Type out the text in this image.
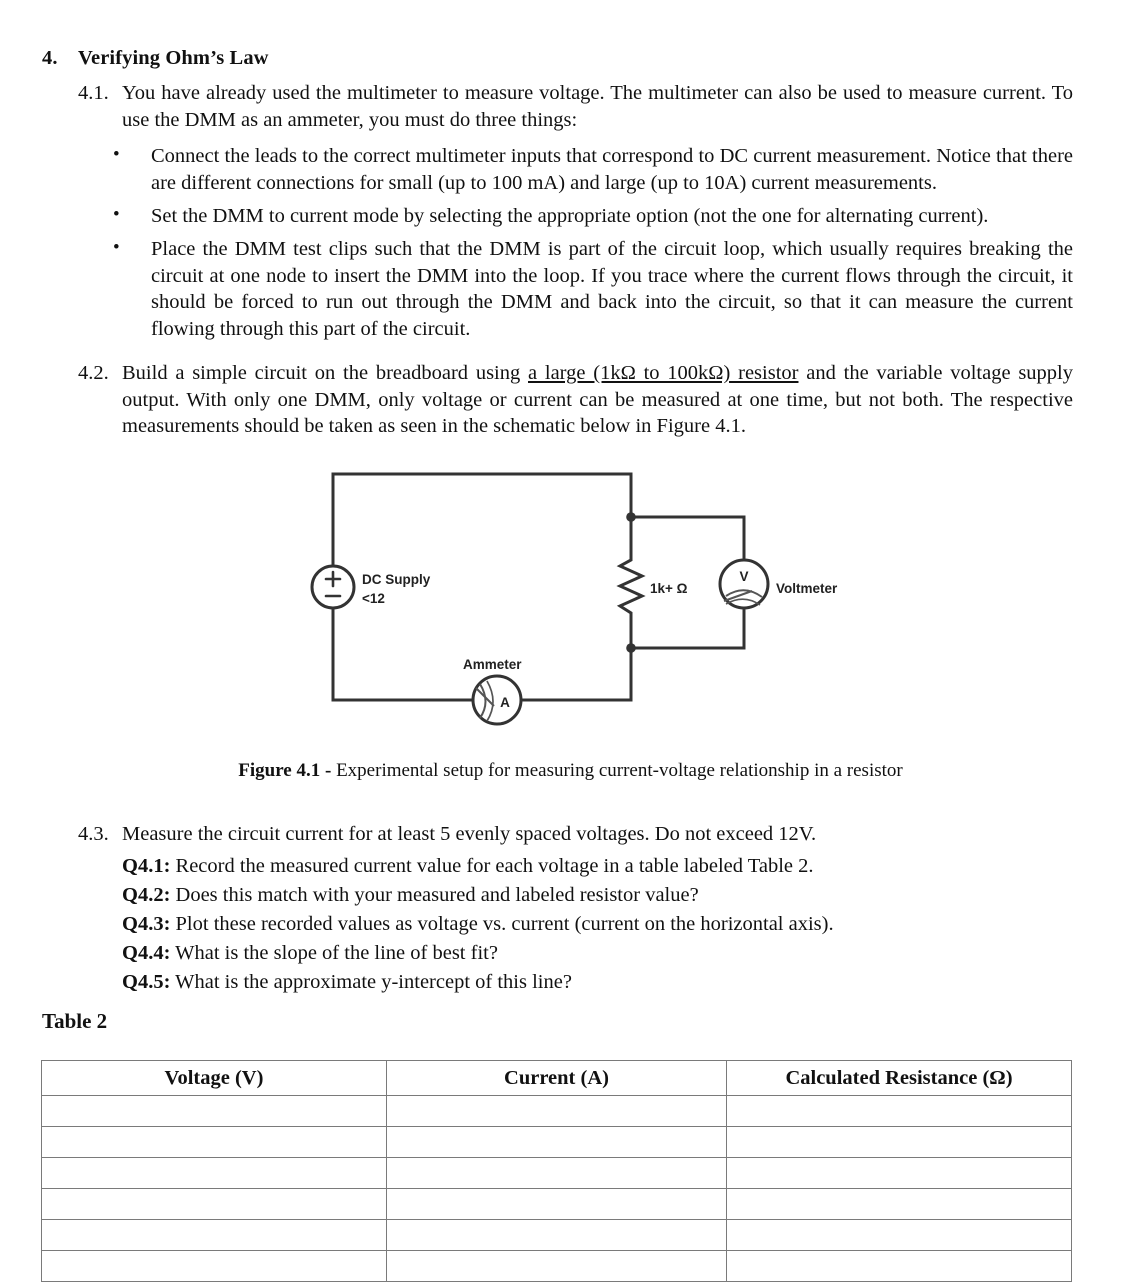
4. Verifying Ohm’s Law
4.1. You have already used the multimeter to measure voltage. The multimeter can also be used to measure current. To use the DMM as an ammeter, you must do three things:
•	Connect the leads to the correct multimeter inputs that correspond to DC current measurement. Notice that there are different connections for small (up to 100 mA) and large (up to 10A) current measurements.
•	Set the DMM to current mode by selecting the appropriate option (not the one for alternating current).
•	Place the DMM test clips such that the DMM is part of the circuit loop, which usually requires breaking the circuit at one node to insert the DMM into the loop. If you trace where the current flows through the circuit, it should be forced to run out through the DMM and back into the circuit, so that it can measure the current flowing through this part of the circuit.
4.2. Build a simple circuit on the breadboard using a large (1kΩ to 100kΩ) resistor and the variable voltage supply output. With only one DMM, only voltage or current can be measured at one time, but not both. The respective measurements should be taken as seen in the schematic below in Figure 4.1.
V
A
DC Supply
<12
1k+ Ω	Voltmeter
Ammeter
Figure 4.1 - Experimental setup for measuring current-voltage relationship in a resistor
4.3. Measure the circuit current for at least 5 evenly spaced voltages. Do not exceed 12V.
Q4.1: Record the measured current value for each voltage in a table labeled Table 2.
Q4.2: Does this match with your measured and labeled resistor value?
Q4.3: Plot these recorded values as voltage vs. current (current on the horizontal axis).
Q4.4: What is the slope of the line of best fit?
Q4.5: What is the approximate y-intercept of this line?
Table 2
Voltage (V)	Current (A)	Calculated Resistance (Ω)
